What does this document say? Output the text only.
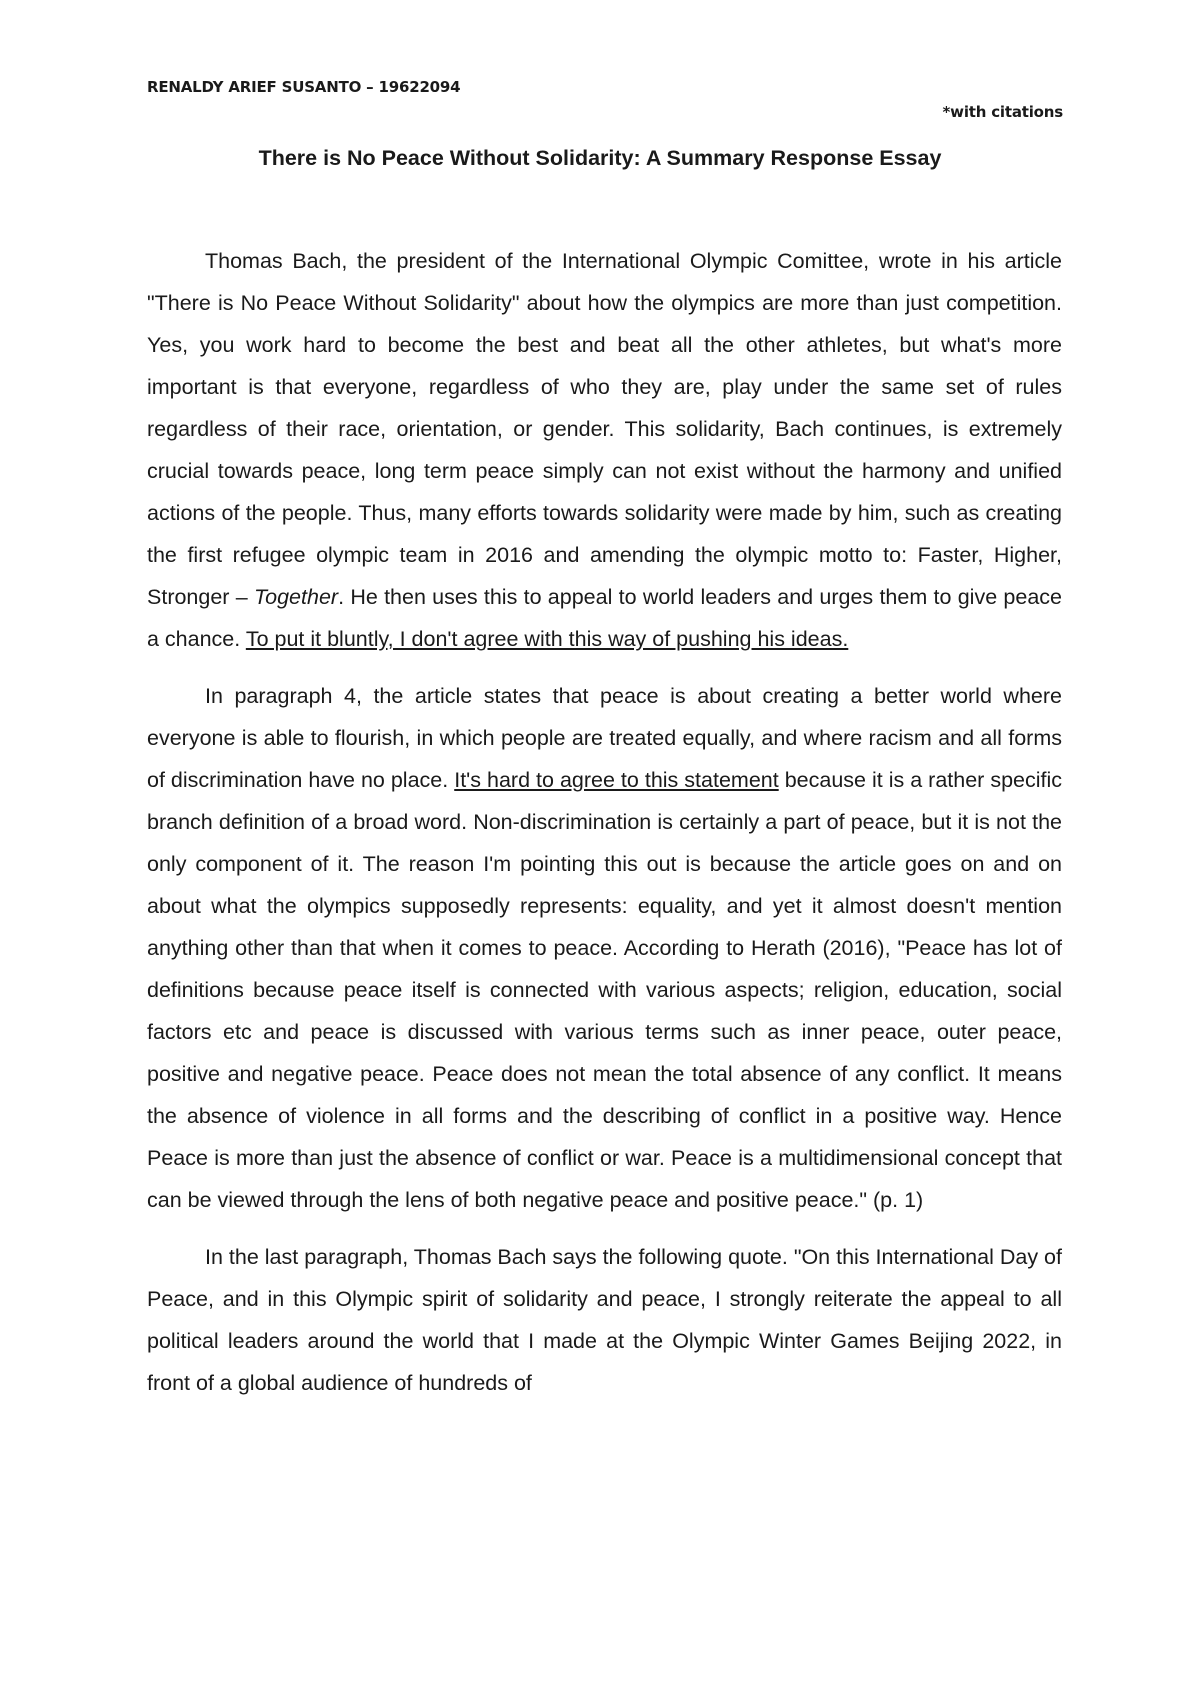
RENALDY ARIEF SUSANTO – 19622094

*with citations

There is No Peace Without Solidarity: A Summary Response Essay

Thomas Bach, the president of the International Olympic Comittee, wrote in his article "There is No Peace Without Solidarity" about how the olympics are more than just competition. Yes, you work hard to become the best and beat all the other athletes, but what's more important is that everyone, regardless of who they are, play under the same set of rules regardless of their race, orientation, or gender. This solidarity, Bach continues, is extremely crucial towards peace, long term peace simply can not exist without the harmony and unified actions of the people. Thus, many efforts towards solidarity were made by him, such as creating the first refugee olympic team in 2016 and amending the olympic motto to: Faster, Higher, Stronger – Together. He then uses this to appeal to world leaders and urges them to give peace a chance. To put it bluntly, I don't agree with this way of pushing his ideas.

In paragraph 4, the article states that peace is about creating a better world where everyone is able to flourish, in which people are treated equally, and where racism and all forms of discrimination have no place. It's hard to agree to this statement because it is a rather specific branch definition of a broad word. Non-discrimination is certainly a part of peace, but it is not the only component of it. The reason I'm pointing this out is because the article goes on and on about what the olympics supposedly represents: equality, and yet it almost doesn't mention anything other than that when it comes to peace. According to Herath (2016), "Peace has lot of definitions because peace itself is connected with various aspects; religion, education, social factors etc and peace is discussed with various terms such as inner peace, outer peace, positive and negative peace. Peace does not mean the total absence of any conflict. It means the absence of violence in all forms and the describing of conflict in a positive way. Hence Peace is more than just the absence of conflict or war. Peace is a multidimensional concept that can be viewed through the lens of both negative peace and positive peace." (p. 1)

In the last paragraph, Thomas Bach says the following quote. "On this International Day of Peace, and in this Olympic spirit of solidarity and peace, I strongly reiterate the appeal to all political leaders around the world that I made at the Olympic Winter Games Beijing 2022, in front of a global audience of hundreds of
